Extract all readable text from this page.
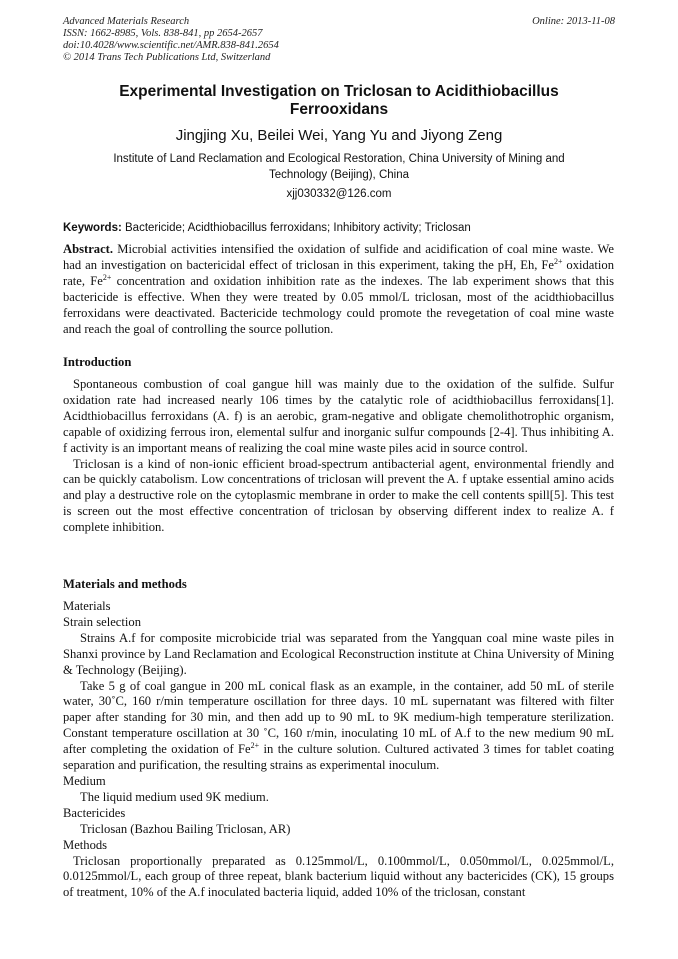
Advanced Materials Research
ISSN: 1662-8985, Vols. 838-841, pp 2654-2657
doi:10.4028/www.scientific.net/AMR.838-841.2654
© 2014 Trans Tech Publications Ltd, Switzerland
Online: 2013-11-08
Experimental Investigation on Triclosan to Acidithiobacillus
Ferrooxidans
Jingjing Xu, Beilei Wei, Yang Yu and Jiyong Zeng
Institute of Land Reclamation and Ecological Restoration, China University of Mining and
Technology (Beijing), China
xjj030332@126.com
Keywords: Bactericide; Acidthiobacillus ferroxidans; Inhibitory activity; Triclosan

Abstract. Microbial activities intensified the oxidation of sulfide and acidification of coal mine waste. We had an investigation on bactericidal effect of triclosan in this experiment, taking the pH, Eh, $Fe^{2+}$ oxidation rate, $Fe^{2+}$ concentration and oxidation inhibition rate as the indexes. The lab experiment shows that this bactericide is effective. When they were treated by 0.05 mmol/L triclosan, most of the acidthiobacillus ferroxidans were deactivated. Bactericide techmology could promote the revegetation of coal mine waste and reach the goal of controlling the source pollution.

Introduction

Spontaneous combustion of coal gangue hill was mainly due to the oxidation of the sulfide. Sulfur oxidation rate had increased nearly 106 times by the catalytic role of acidthiobacillus ferroxidans[1]. Acidthiobacillus ferroxidans (A. f) is an aerobic, gram-negative and obligate chemolithotrophic organism, capable of oxidizing ferrous iron, elemental sulfur and inorganic sulfur compounds [2-4]. Thus inhibiting A. f activity is an important means of realizing the coal mine waste piles acid in source control.

Triclosan is a kind of non-ionic efficient broad-spectrum antibacterial agent, environmental friendly and can be quickly catabolism. Low concentrations of triclosan will prevent the A. f uptake essential amino acids and play a destructive role on the cytoplasmic membrane in order to make the cell contents spill[5]. This test is screen out the most effective concentration of triclosan by observing different index to realize A. f complete inhibition.

Materials and methods

Materials

Strain selection

Strains A.f for composite microbicide trial was separated from the Yangquan coal mine waste piles in Shanxi province by Land Reclamation and Ecological Reconstruction institute at China University of Mining & Technology (Beijing).

Take 5 g of coal gangue in 200 mL conical flask as an example, in the container, add 50 mL of sterile water, 30˚C, 160 r/min temperature oscillation for three days. 10 mL supernatant was filtered with filter paper after standing for 30 min, and then add up to 90 mL to 9K medium-high temperature sterilization. Constant temperature oscillation at 30 ˚C, 160 r/min, inoculating 10 mL of A.f to the new medium 90 mL after completing the oxidation of $Fe^{2+}$ in the culture solution. Cultured activated 3 times for tablet coating separation and purification, the resulting strains as experimental inoculum.

Medium

The liquid medium used 9K medium.

Bactericides

Triclosan (Bazhou Bailing Triclosan, AR)

Methods

Triclosan proportionally preparated as 0.125mmol/L, 0.100mmol/L, 0.050mmol/L, 0.025mmol/L, 0.0125mmol/L, each group of three repeat, blank bacterium liquid without any bactericides (CK), 15 groups of treatment, 10% of the A.f inoculated bacteria liquid, added 10% of the triclosan, constant
